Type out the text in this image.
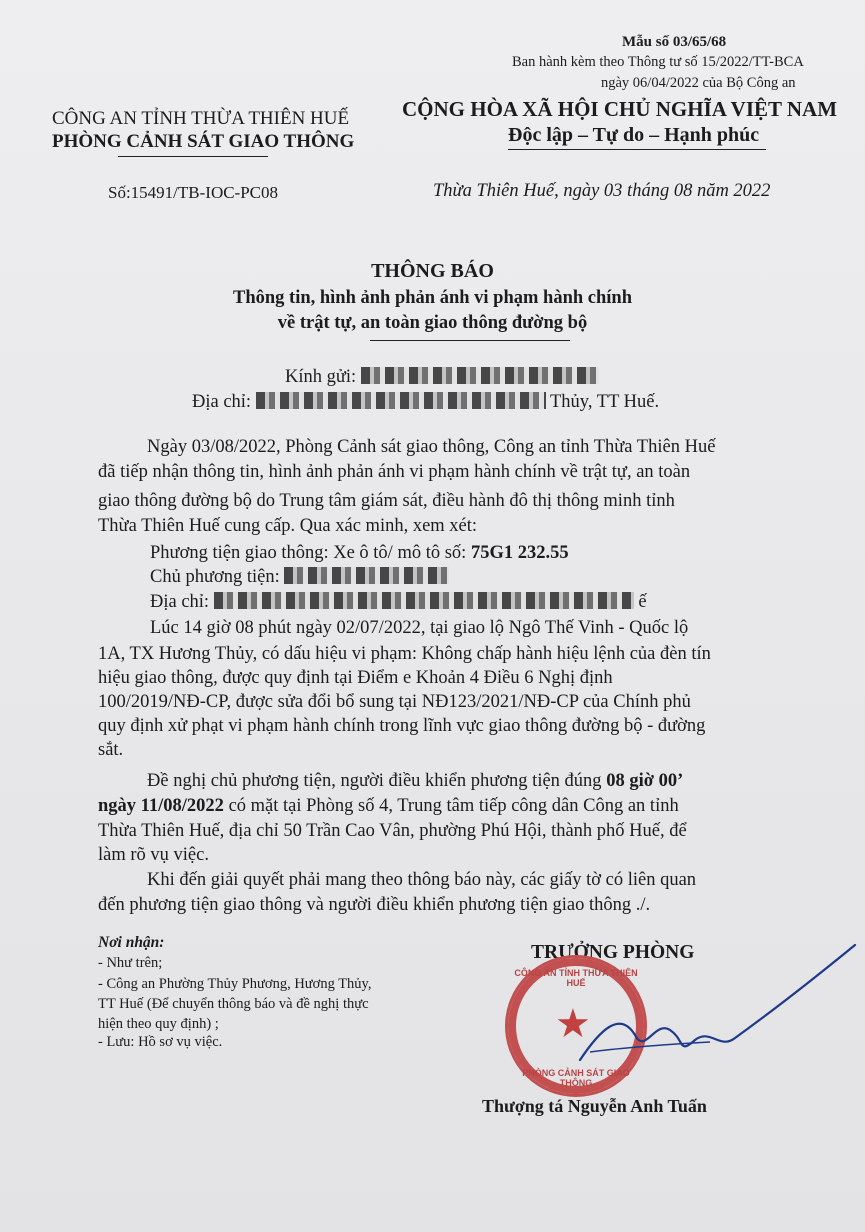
Mẫu số 03/65/68
Ban hành kèm theo Thông tư số 15/2022/TT-BCA
ngày 06/04/2022 của Bộ Công an
CÔNG AN TỈNH THỪA THIÊN HUẾ
PHÒNG CẢNH SÁT GIAO THÔNG
Số:15491/TB-IOC-PC08
CỘNG HÒA XÃ HỘI CHỦ NGHĨA VIỆT NAM
Độc lập – Tự do – Hạnh phúc
Thừa Thiên Huế, ngày 03 tháng 08 năm 2022
THÔNG BÁO
Thông tin, hình ảnh phản ánh vi phạm hành chính
về trật tự, an toàn giao thông đường bộ
Kính gửi:
Địa chỉ:	Thủy, TT Huế.
Ngày 03/08/2022, Phòng Cảnh sát giao thông, Công an tỉnh Thừa Thiên Huế
đã tiếp nhận thông tin, hình ảnh phản ánh vi phạm hành chính về trật tự, an toàn
giao thông đường bộ do Trung tâm giám sát, điều hành đô thị thông minh tỉnh
Thừa Thiên Huế cung cấp. Qua xác minh, xem xét:
Phương tiện giao thông: Xe ô tô/ mô tô số: 75G1 232.55
Chủ phương tiện:
Địa chỉ:	ế
Lúc 14 giờ 08 phút ngày 02/07/2022, tại giao lộ Ngô Thế Vinh - Quốc lộ
1A, TX Hương Thủy, có dấu hiệu vi phạm: Không chấp hành hiệu lệnh của đèn tín
hiệu giao thông, được quy định tại Điểm e Khoản 4 Điều 6 Nghị định
100/2019/NĐ-CP, được sửa đổi bổ sung tại NĐ123/2021/NĐ-CP của Chính phủ
quy định xử phạt vi phạm hành chính trong lĩnh vực giao thông đường bộ - đường
sắt.
Đề nghị chủ phương tiện, người điều khiển phương tiện đúng 08 giờ 00’
ngày 11/08/2022 có mặt tại Phòng số 4, Trung tâm tiếp công dân Công an tỉnh
Thừa Thiên Huế, địa chỉ 50 Trần Cao Vân, phường Phú Hội, thành phố Huế, để
làm rõ vụ việc.
Khi đến giải quyết phải mang theo thông báo này, các giấy tờ có liên quan
đến phương tiện giao thông và người điều khiển phương tiện giao thông ./.
Nơi nhận:
- Như trên;
- Công an Phường Thủy Phương, Hương Thủy,
TT Huế (Để chuyển thông báo và đề nghị thực
hiện theo quy định) ;
- Lưu: Hồ sơ vụ việc.
TRƯỞNG PHÒNG
CÔNG AN TỈNH THỪA THIÊN HUẾ
★
PHÒNG CẢNH SÁT GIAO THÔNG
Thượng tá Nguyễn Anh Tuấn
